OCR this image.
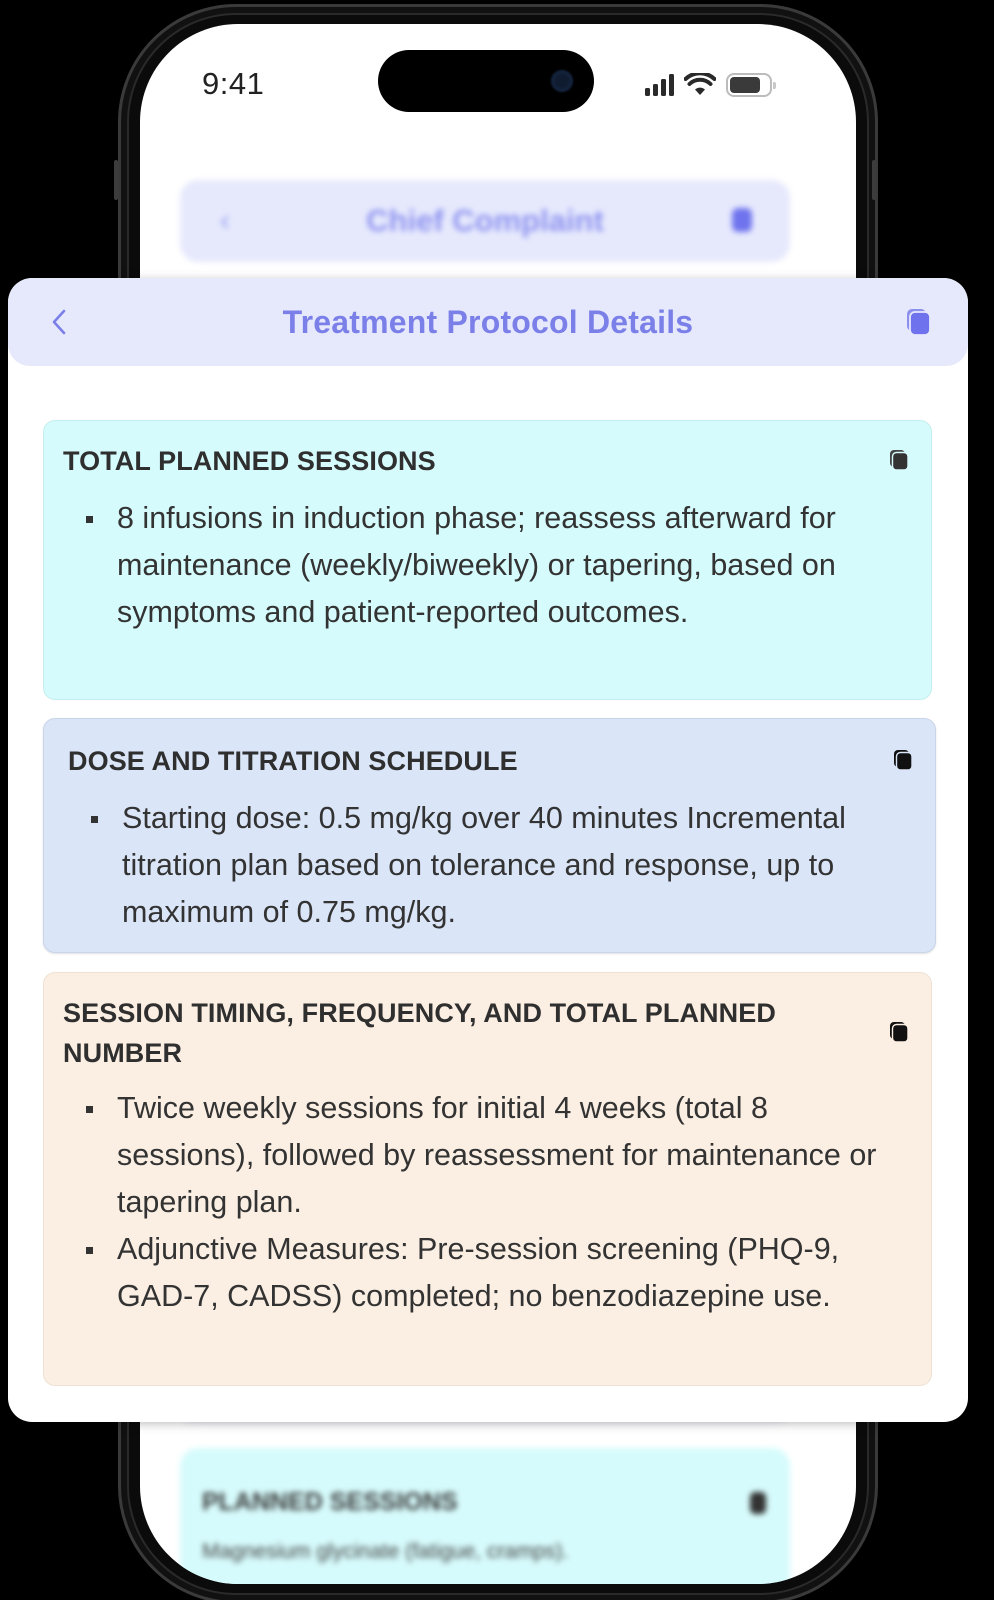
9:41
‹	Chief Complaint
PLANNED SESSIONS
Magnesium glycinate (fatigue, cramps).
Treatment Protocol Details
TOTAL PLANNED SESSIONS
8 infusions in induction phase; reassess afterward for maintenance (weekly/biweekly) or tapering, based on symptoms and patient-reported outcomes.
DOSE AND TITRATION SCHEDULE
Starting dose: 0.5 mg/kg over 40 minutes Incremental titration plan based on tolerance and response, up to maximum of 0.75 mg/kg.
SESSION TIMING, FREQUENCY, AND TOTAL PLANNED NUMBER
Twice weekly sessions for initial 4 weeks (total 8 sessions), followed by reassessment for maintenance or tapering plan.
Adjunctive Measures: Pre-session screening (PHQ-9, GAD-7, CADSS) completed; no benzodiazepine use.
